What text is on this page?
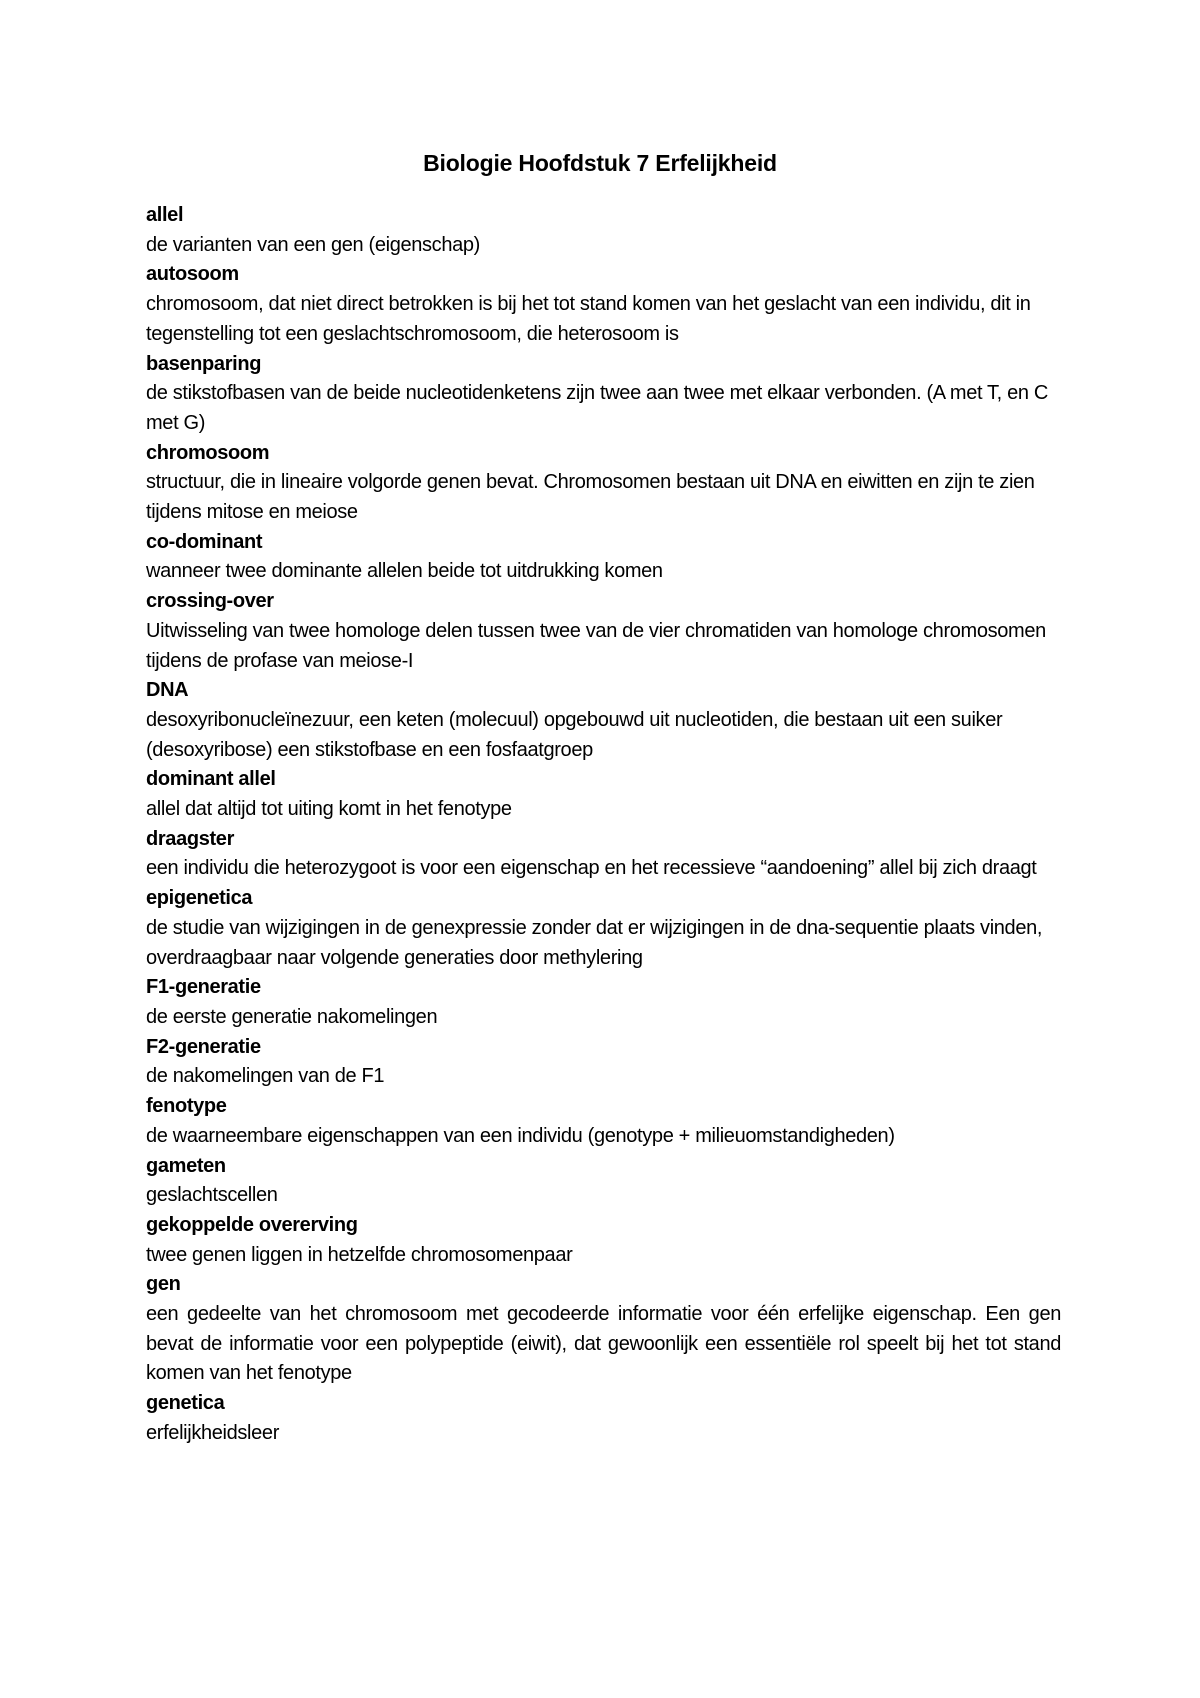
Biologie Hoofdstuk 7 Erfelijkheid
allel
de varianten van een gen (eigenschap)
autosoom
chromosoom, dat niet direct betrokken is bij het tot stand komen van het geslacht van een individu, dit in tegenstelling tot een geslachtschromosoom, die heterosoom is
basenparing
de stikstofbasen van de beide nucleotidenketens zijn twee aan twee met elkaar verbonden. (A met T, en C met G)
chromosoom
structuur, die in lineaire volgorde genen bevat. Chromosomen bestaan uit DNA en eiwitten en zijn te zien tijdens mitose en meiose
co-dominant
wanneer twee dominante allelen beide tot uitdrukking komen
crossing-over
Uitwisseling van twee homologe delen tussen twee van de vier chromatiden van homologe chromosomen tijdens de profase van meiose-I
DNA
desoxyribonucleïnezuur, een keten (molecuul) opgebouwd uit nucleotiden, die bestaan uit een suiker (desoxyribose) een stikstofbase en een fosfaatgroep
dominant allel
allel dat altijd tot uiting komt in het fenotype
draagster
een individu die heterozygoot is voor een eigenschap en het recessieve “aandoening” allel bij zich draagt
epigenetica
de studie van wijzigingen in de genexpressie zonder dat er wijzigingen in de dna-sequentie plaats vinden, overdraagbaar naar volgende generaties door methylering
F1-generatie
de eerste generatie nakomelingen
F2-generatie
de nakomelingen van de F1
fenotype
de waarneembare eigenschappen van een individu (genotype + milieuomstandigheden)
gameten
geslachtscellen
gekoppelde overerving
twee genen liggen in hetzelfde chromosomenpaar
gen
een gedeelte van het chromosoom met gecodeerde informatie voor één erfelijke eigenschap. Een gen bevat de informatie voor een polypeptide (eiwit), dat gewoonlijk een essentiële rol speelt bij het tot stand komen van het fenotype
genetica
erfelijkheidsleer
